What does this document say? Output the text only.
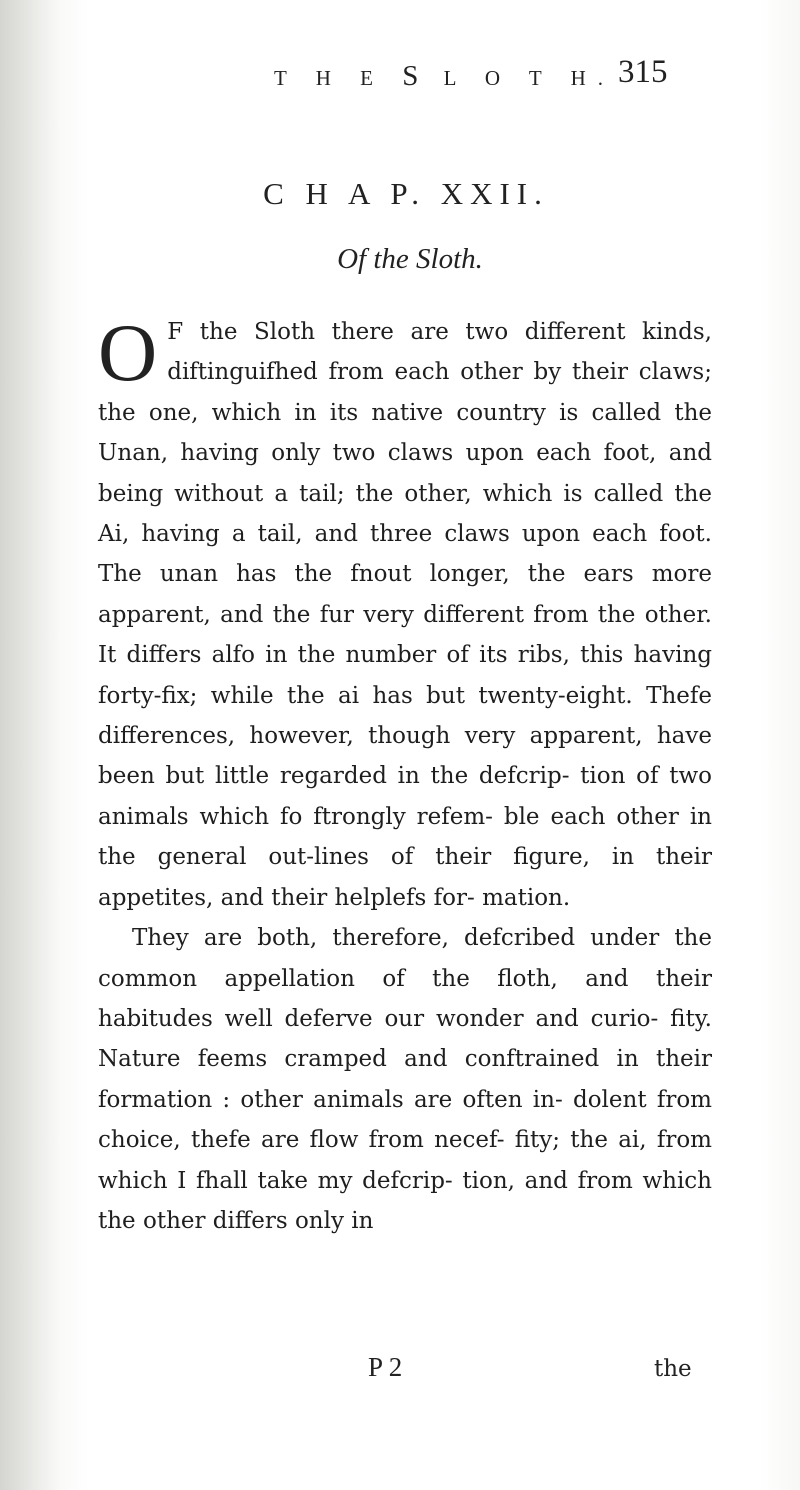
T H E S L O T H. 315
C H A P. XXII.
Of the Sloth.

O F the Sloth there are two different kinds, diftinguifhed from each other by their claws; the one, which in its native country is called the Unan, having only two claws upon each foot, and being without a tail; the other, which is called the Ai, having a tail, and three claws upon each foot. The unan has the fnout longer, the ears more apparent, and the fur very different from the other. It differs alfo in the number of its ribs, this having forty-fix; while the ai has but twenty-eight. Thefe differences, however, though very apparent, have been but little regarded in the defcrip- tion of two animals which fo ftrongly refem- ble each other in the general out-lines of their figure, in their appetites, and their helplefs for- mation.

They are both, therefore, defcribed under the common appellation of the floth, and their habitudes well deferve our wonder and curio- fity. Nature feems cramped and conftrained in their formation : other animals are often in- dolent from choice, thefe are flow from necef- fity; the ai, from which I fhall take my defcrip- tion, and from which the other differs only in

P 2	the
